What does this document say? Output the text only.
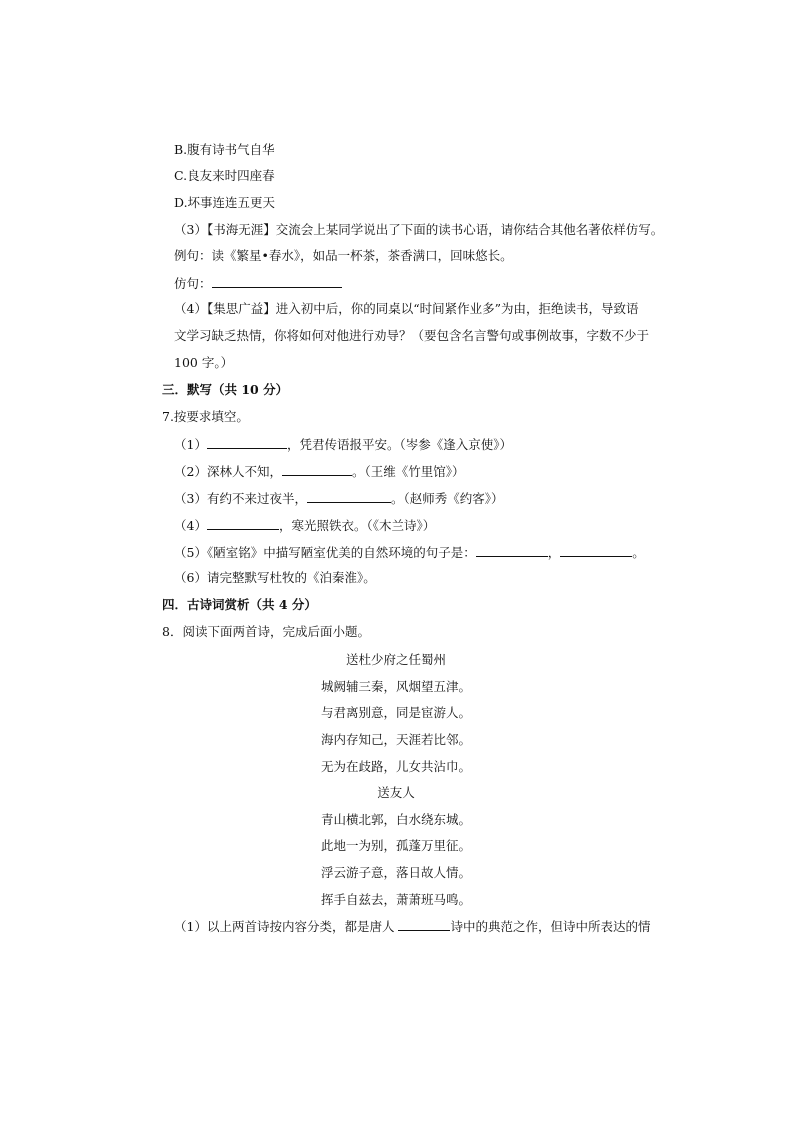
B.腹有诗书气自华
C.良友来时四座春
D.坏事连连五更天
（3）【书海无涯】交流会上某同学说出了下面的读书心语，请你结合其他名著依样仿写。
例句：读《繁星•春水》，如品一杯茶，茶香满口，回味悠长。
仿句：
（4）【集思广益】进入初中后，你的同桌以“时间紧作业多”为由，拒绝读书，导致语
文学习缺乏热情，你将如何对他进行劝导？（要包含名言警句或事例故事，字数不少于
100 字。）
三．默写（共 10 分）
7.按要求填空。
（1）	，凭君传语报平安。（岑参《逢入京使》）
（2）深林人不知，	。（王维《竹里馆》）
（3）有约不来过夜半，	。（赵师秀《约客》）
（4）	，寒光照铁衣。（《木兰诗》）
（5）《陋室铭》中描写陋室优美的自然环境的句子是：	，	。
（6）请完整默写杜牧的《泊秦淮》。
四．古诗词赏析（共 4 分）
8．阅读下面两首诗，完成后面小题。
送杜少府之任蜀州
城阙辅三秦，风烟望五津。
与君离别意，同是宦游人。
海内存知己，天涯若比邻。
无为在歧路，儿女共沾巾。
送友人
青山横北郭，白水绕东城。
此地一为别，孤蓬万里征。
浮云游子意，落日故人情。
挥手自兹去，萧萧班马鸣。
（1）以上两首诗按内容分类，都是唐人	诗中的典范之作，但诗中所表达的情
